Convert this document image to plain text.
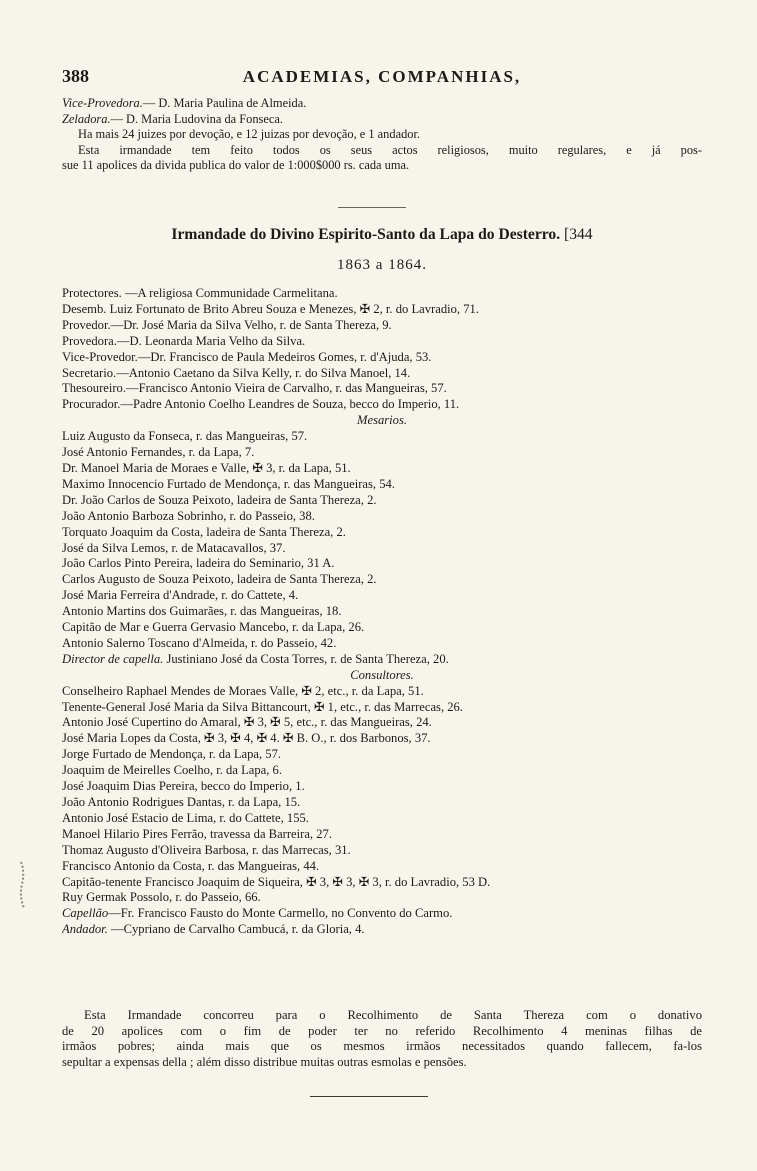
388	ACADEMIAS, COMPANHIAS,
Vice-Provedora.— D. Maria Paulina de Almeida.
Zeladora.— D. Maria Ludovina da Fonseca.
Ha mais 24 juizes por devoção, e 12 juizas por devoção, e 1 andador.
Esta irmandade tem feito todos os seus actos religiosos, muito regulares, e já pos-
sue 11 apolices da divida publica do valor de 1:000$000 rs. cada uma.
Irmandade do Divino Espirito-Santo da Lapa do Desterro. [344
1863 a 1864.
Protectores. —A religiosa Communidade Carmelitana.
Desemb. Luiz Fortunato de Brito Abreu Souza e Menezes, ✠ 2, r. do Lavradio, 71.
Provedor.—Dr. José Maria da Silva Velho, r. de Santa Thereza, 9.
Provedora.—D. Leonarda Maria Velho da Silva.
Vice-Provedor.—Dr. Francisco de Paula Medeiros Gomes, r. d'Ajuda, 53.
Secretario.—Antonio Caetano da Silva Kelly, r. do Silva Manoel, 14.
Thesoureiro.—Francisco Antonio Vieira de Carvalho, r. das Mangueiras, 57.
Procurador.—Padre Antonio Coelho Leandres de Souza, becco do Imperio, 11.
Mesarios.
Luiz Augusto da Fonseca, r. das Mangueiras, 57.
José Antonio Fernandes, r. da Lapa, 7.
Dr. Manoel Maria de Moraes e Valle, ✠ 3, r. da Lapa, 51.
Maximo Innocencio Furtado de Mendonça, r. das Mangueiras, 54.
Dr. João Carlos de Souza Peixoto, ladeira de Santa Thereza, 2.
João Antonio Barboza Sobrinho, r. do Passeio, 38.
Torquato Joaquim da Costa, ladeira de Santa Thereza, 2.
José da Silva Lemos, r. de Matacavallos, 37.
João Carlos Pinto Pereira, ladeira do Seminario, 31 A.
Carlos Augusto de Souza Peixoto, ladeira de Santa Thereza, 2.
José Maria Ferreira d'Andrade, r. do Cattete, 4.
Antonio Martins dos Guimarães, r. das Mangueiras, 18.
Capitão de Mar e Guerra Gervasio Mancebo, r. da Lapa, 26.
Antonio Salerno Toscano d'Almeida, r. do Passeio, 42.
Director de capella. Justiniano José da Costa Torres, r. de Santa Thereza, 20.
Consultores.
Conselheiro Raphael Mendes de Moraes Valle, ✠ 2, etc., r. da Lapa, 51.
Tenente-General José Maria da Silva Bittancourt, ✠ 1, etc., r. das Marrecas, 26.
Antonio José Cupertino do Amaral, ✠ 3, ✠ 5, etc., r. das Mangueiras, 24.
José Maria Lopes da Costa, ✠ 3, ✠ 4, ✠ 4. ✠ B. O., r. dos Barbonos, 37.
Jorge Furtado de Mendonça, r. da Lapa, 57.
Joaquim de Meirelles Coelho, r. da Lapa, 6.
José Joaquim Dias Pereira, becco do Imperio, 1.
João Antonio Rodrigues Dantas, r. da Lapa, 15.
Antonio José Estacio de Lima, r. do Cattete, 155.
Manoel Hilario Pires Ferrão, travessa da Barreira, 27.
Thomaz Augusto d'Oliveira Barbosa, r. das Marrecas, 31.
Francisco Antonio da Costa, r. das Mangueiras, 44.
Capitão-tenente Francisco Joaquim de Siqueira, ✠ 3, ✠ 3, ✠ 3, r. do Lavradio, 53 D.
Ruy Germak Possolo, r. do Passeio, 66.
Capellão—Fr. Francisco Fausto do Monte Carmello, no Convento do Carmo.
Andador. —Cypriano de Carvalho Cambucá, r. da Gloria, 4.
Esta Irmandade concorreu para o Recolhimento de Santa Thereza com o donativo
de 20 apolices com o fim de poder ter no referido Recolhimento 4 meninas filhas de
irmãos pobres; ainda mais que os mesmos irmãos necessitados quando fallecem, fa-los
sepultar a expensas della ; além disso distribue muitas outras esmolas e pensões.
